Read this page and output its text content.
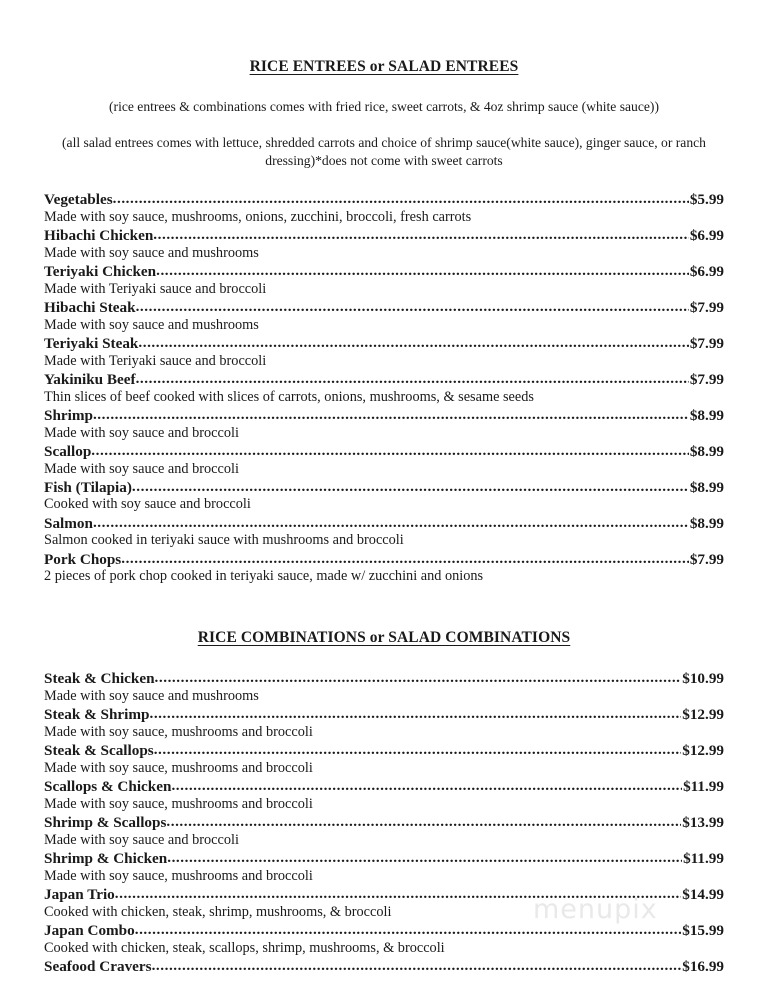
RICE ENTREES or SALAD ENTREES

(rice entrees & combinations comes with fried rice, sweet carrots, & 4oz shrimp sauce (white sauce))

(all salad entrees comes with lettuce, shredded carrots and choice of shrimp sauce(white sauce), ginger sauce, or ranch dressing)*does not come with sweet carrots

Vegetables .....	$5.99
Made with soy sauce, mushrooms, onions, zucchini, broccoli, fresh carrots
Hibachi Chicken .....	$6.99
Made with soy sauce and mushrooms
Teriyaki Chicken .....	$6.99
Made with Teriyaki sauce and broccoli
Hibachi Steak .....	$7.99
Made with soy sauce and mushrooms
Teriyaki Steak .....	$7.99
Made with Teriyaki sauce and broccoli
Yakiniku Beef .....	$7.99
Thin slices of beef cooked with slices of carrots, onions, mushrooms, & sesame seeds
Shrimp .....	$8.99
Made with soy sauce and broccoli
Scallop .....	$8.99
Made with soy sauce and broccoli
Fish (Tilapia) .....	$8.99
Cooked with soy sauce and broccoli
Salmon .....	$8.99
Salmon cooked in teriyaki sauce with mushrooms and broccoli
Pork Chops .....	$7.99
2 pieces of pork chop cooked in teriyaki sauce, made w/ zucchini and onions
RICE COMBINATIONS or SALAD COMBINATIONS
Steak & Chicken .....	$10.99
Made with soy sauce and mushrooms
Steak & Shrimp .....	$12.99
Made with soy sauce, mushrooms and broccoli
Steak & Scallops .....	$12.99
Made with soy sauce, mushrooms and broccoli
Scallops & Chicken .....	$11.99
Made with soy sauce, mushrooms and broccoli
Shrimp & Scallops .....	$13.99
Made with soy sauce and broccoli
Shrimp & Chicken .....	$11.99
Made with soy sauce, mushrooms and broccoli
Japan Trio .....	$14.99
Cooked with chicken, steak, shrimp, mushrooms, & broccoli
Japan Combo .....	$15.99
Cooked with chicken, steak, scallops, shrimp, mushrooms, & broccoli
Seafood Cravers .....	$16.99
menupix
